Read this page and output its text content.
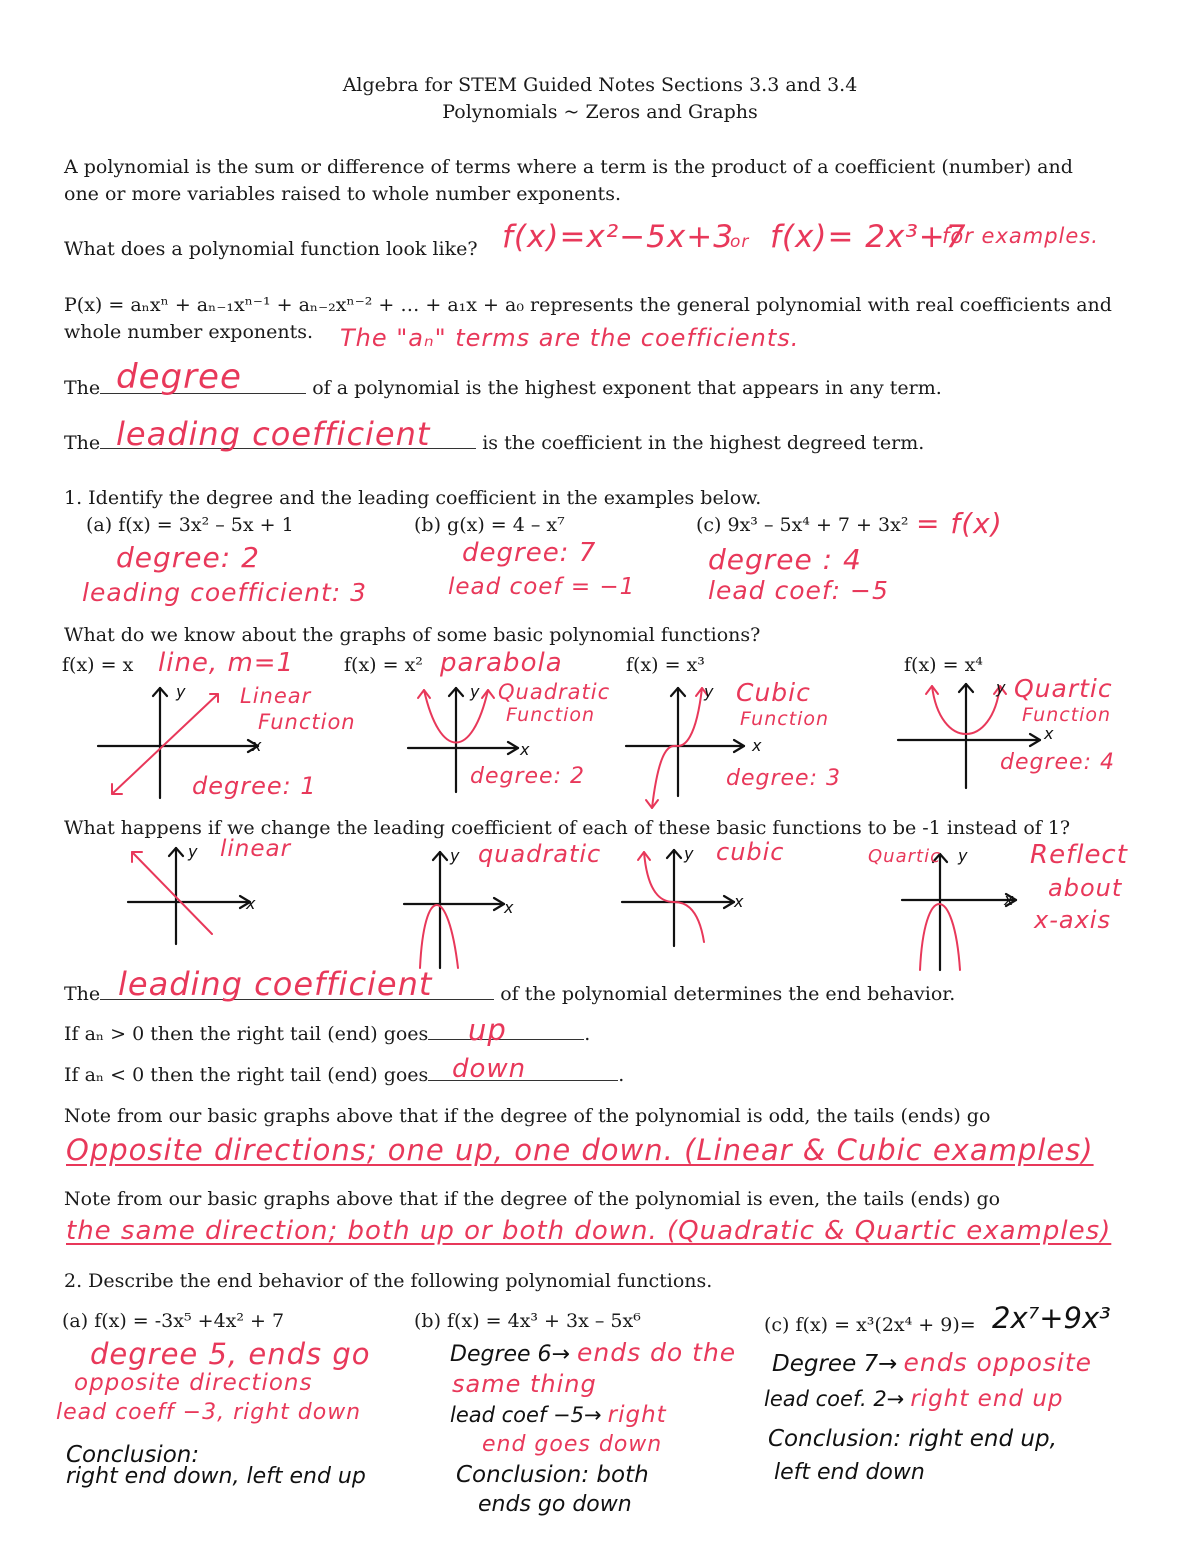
Algebra for STEM Guided Notes Sections 3.3 and 3.4
Polynomials ~ Zeros and Graphs
A polynomial is the sum or difference of terms where a term is the product of a coefficient (number) and
one or more variables raised to whole number exponents.
What does a polynomial function look like? f(x)=x²−5x+3
or f(x)= 2x³+7
for examples.
P(x) = aₙxⁿ + aₙ₋₁xⁿ⁻¹ + aₙ₋₂xⁿ⁻² + … + a₁x + a₀ represents the general polynomial with real coefficients and
whole number exponents. The "aₙ" terms are the coefficients.
The	of a polynomial is the highest exponent that appears in any term.
degree
The	is the coefficient in the highest degreed term.
leading coefficient
1. Identify the degree and the leading coefficient in the examples below.
(a) f(x) = 3x² – 5x + 1	(b) g(x) = 4 – x⁷	(c) 9x³ – 5x⁴ + 7 + 3x² = f(x)
degree: 2
leading coefficient: 3
degree: 7
lead coef = −1
degree : 4
lead coef: −5
What do we know about the graphs of some basic polynomial functions?
f(x) = x line, m=1	f(x) = x² parabola	f(x) = x³	f(x) = x⁴
y
x
Linear
Function
degree: 1
y
x
Quadratic
Function
degree: 2
y
x
Cubic
Function
degree: 3
y
x
Quartic
Function
degree: 4
What happens if we change the leading coefficient of each of these basic functions to be -1 instead of 1?
y
x
linear	y
x
quadratic	y
x
cubic	y
x
Quartic	Reflect
about
x-axis
The	of the polynomial determines the end behavior.
leading coefficient
If aₙ > 0 then the right tail (end) goes	.
up
If aₙ < 0 then the right tail (end) goes	.
down
Note from our basic graphs above that if the degree of the polynomial is odd, the tails (ends) go
Opposite directions; one up, one down. (Linear & Cubic examples)
Note from our basic graphs above that if the degree of the polynomial is even, the tails (ends) go
the same direction; both up or both down. (Quadratic & Quartic examples)
2. Describe the end behavior of the following polynomial functions.
(a) f(x) = -3x⁵ +4x² + 7	(b) f(x) = 4x³ + 3x – 5x⁶	(c) f(x) = x³(2x⁴ + 9)= 2x⁷+9x³
degree 5, ends go
opposite directions
lead coeff −3, right down
Conclusion:
right end down, left end up
Degree 6→ ends do the
same thing
lead coef −5→ right
end goes down
Conclusion: both
ends go down
Degree 7→ ends opposite
lead coef. 2→ right end up
Conclusion: right end up,
left end down
